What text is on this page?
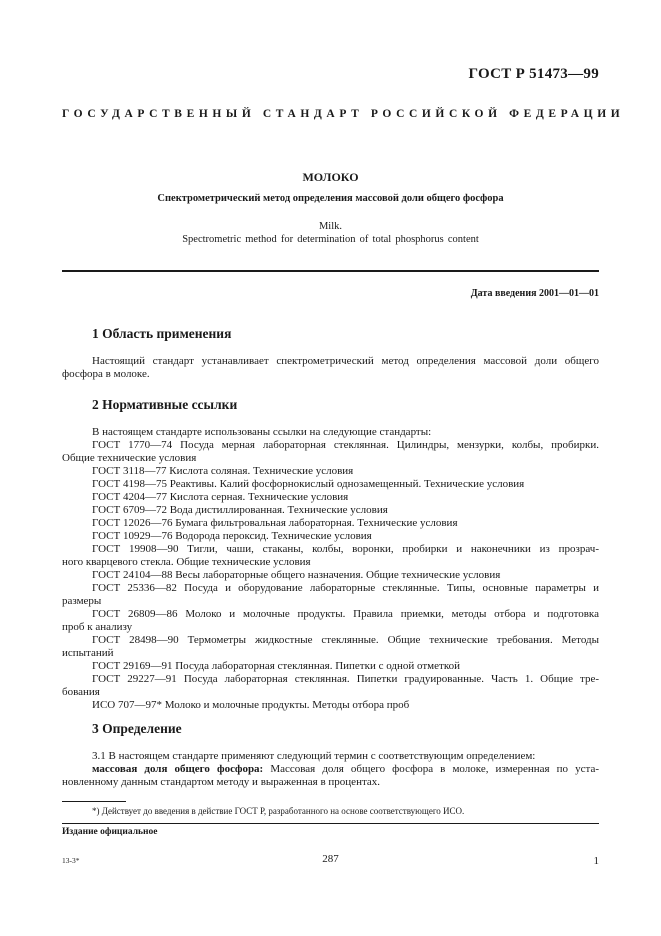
ГОСТ Р 51473—99
ГОСУДАРСТВЕННЫЙ СТАНДАРТ РОССИЙСКОЙ ФЕДЕРАЦИИ
МОЛОКО
Спектрометрический метод определения массовой доли общего фосфора
Milk.
Spectrometric method for determination of total phosphorus content
Дата введения 2001—01—01
1 Область применения
Настоящий стандарт устанавливает спектрометрический метод определения массовой доли общего
фосфора в молоке.
2 Нормативные ссылки
В настоящем стандарте использованы ссылки на следующие стандарты:
ГОСТ 1770—74 Посуда мерная лабораторная стеклянная. Цилиндры, мензурки, колбы, пробирки.
Общие технические условия
ГОСТ 3118—77 Кислота соляная. Технические условия
ГОСТ 4198—75 Реактивы. Калий фосфорнокислый однозамещенный. Технические условия
ГОСТ 4204—77 Кислота серная. Технические условия
ГОСТ 6709—72 Вода дистиллированная. Технические условия
ГОСТ 12026—76 Бумага фильтровальная лабораторная. Технические условия
ГОСТ 10929—76 Водорода пероксид. Технические условия
ГОСТ 19908—90 Тигли, чаши, стаканы, колбы, воронки, пробирки и наконечники из прозрач-
ного кварцевого стекла. Общие технические условия
ГОСТ 24104—88 Весы лабораторные общего назначения. Общие технические условия
ГОСТ 25336—82 Посуда и оборудование лабораторные стеклянные. Типы, основные параметры и
размеры
ГОСТ 26809—86 Молоко и молочные продукты. Правила приемки, методы отбора и подготовка
проб к анализу
ГОСТ 28498—90 Термометры жидкостные стеклянные. Общие технические требования. Методы
испытаний
ГОСТ 29169—91 Посуда лабораторная стеклянная. Пипетки с одной отметкой
ГОСТ 29227—91 Посуда лабораторная стеклянная. Пипетки градуированные. Часть 1. Общие тре-
бования
ИСО 707—97* Молоко и молочные продукты. Методы отбора проб
3 Определение
3.1 В настоящем стандарте применяют следующий термин с соответствующим определением:
массовая доля общего фосфора: Массовая доля общего фосфора в молоке, измеренная по уста-
новленному данным стандартом методу и выраженная в процентах.
*) Действует до введения в действие ГОСТ Р, разработанного на основе соответствующего ИСО.
Издание официальное
13-3*	287	1
